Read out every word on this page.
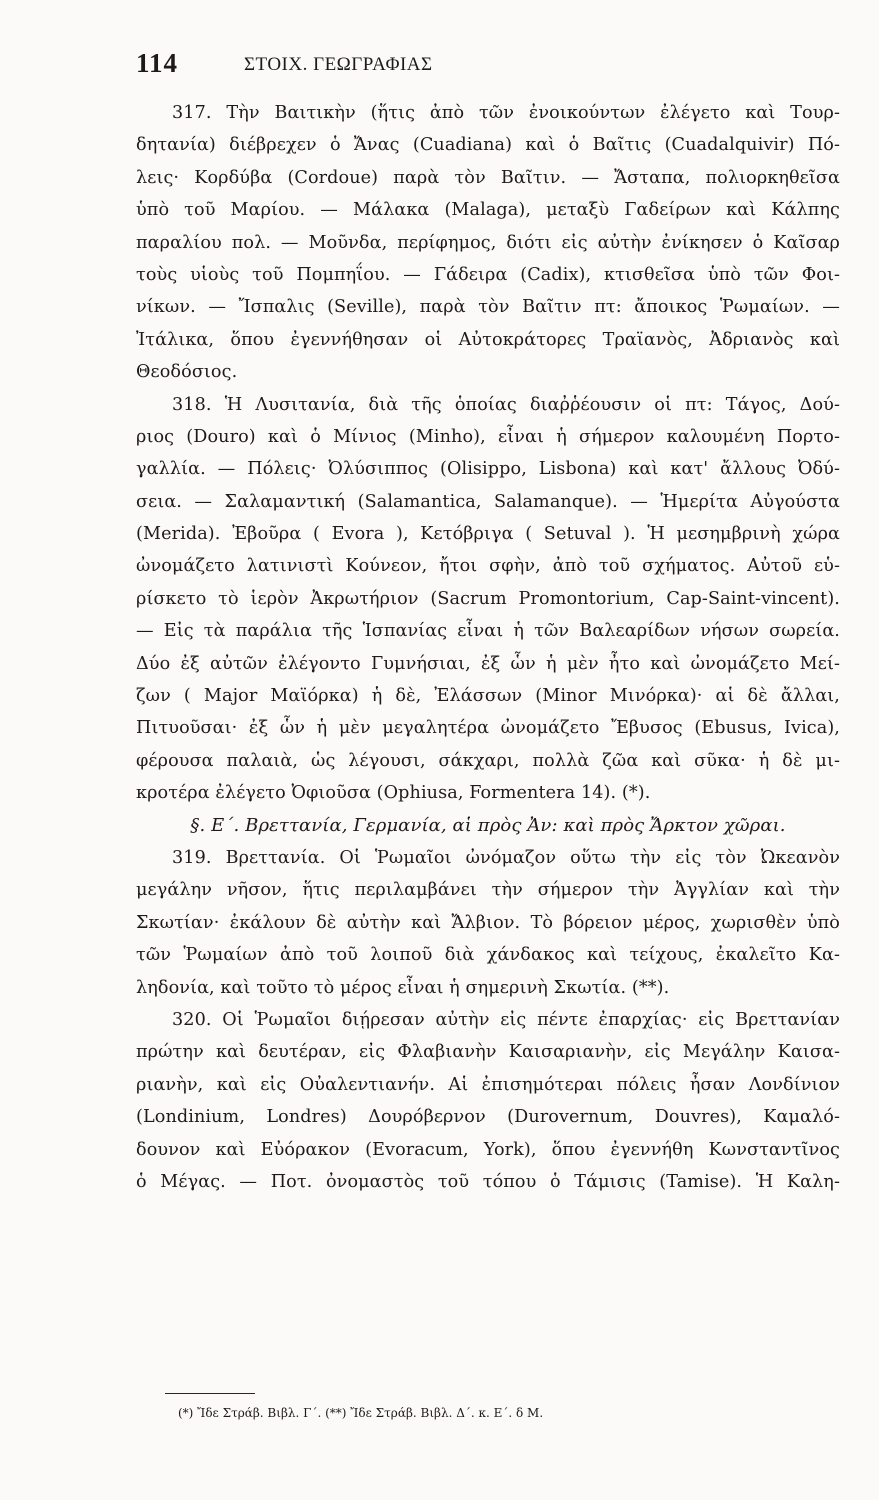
114	ΣΤΟΙΧ. ΓΕΩΓΡΑΦΙΑΣ
317. Τὴν Βαιτικὴν (ἥτις ἀπὸ τῶν ἐνοικούντων ἐλέγετο καὶ Τουρ-
δητανία) διέβρεχεν ὁ Ἄνας (Cuadiana) καὶ ὁ Βαῖτις (Cuadalquivir) Πό-
λεις· Κορδύβα (Cordoue) παρὰ τὸν Βαῖτιν. — Ἄσταπα, πολιορκηθεῖσα
ὑπὸ τοῦ Μαρίου. — Μάλακα (Malaga), μεταξὺ Γαδείρων καὶ Κάλπης
παραλίου πολ. — Μοῦνδα, περίφημος, διότι εἰς αὐτὴν ἐνίκησεν ὁ Καῖσαρ
τοὺς υἱοὺς τοῦ Πομπηΐου. — Γάδειρα (Cadix), κτισθεῖσα ὑπὸ τῶν Φοι-
νίκων. — Ἴσπαλις (Seville), παρὰ τὸν Βαῖτιν πτ: ἄποικος Ῥωμαίων. —
Ἰτάλικα, ὅπου ἐγεννήθησαν οἱ Αὐτοκράτορες Τραϊανὸς, Ἀδριανὸς καὶ
Θεοδόσιος.
318. Ἡ Λυσιτανία, διὰ τῆς ὁποίας διαῤῥέουσιν οἱ πτ: Τάγος, Δού-
ριος (Douro) καὶ ὁ Μίνιος (Minho), εἶναι ἡ σήμερον καλουμένη Πορτο-
γαλλία. — Πόλεις· Ὀλύσιππος (Olisippo, Lisbona) καὶ κατ' ἄλλους Ὀδύ-
σεια. — Σαλαμαντική (Salamantica, Salamanque). — Ἡμερίτα Αὐγούστα
(Merida). Ἐβοῦρα ( Evora ), Κετόβριγα ( Setuval ). Ἡ μεσημβρινὴ χώρα
ὠνομάζετο λατινιστὶ Κούνεον, ἤτοι σφὴν, ἀπὸ τοῦ σχήματος. Αὐτοῦ εὑ-
ρίσκετο τὸ ἱερὸν Ἀκρωτήριον (Sacrum Promontorium, Cap-Saint-vincent).
— Εἰς τὰ παράλια τῆς Ἱσπανίας εἶναι ἡ τῶν Βαλεαρίδων νήσων σωρεία.
Δύο ἐξ αὐτῶν ἐλέγοντο Γυμνήσιαι, ἐξ ὧν ἡ μὲν ἦτο καὶ ὠνομάζετο Μεί-
ζων ( Major Μαϊόρκα) ἡ δὲ, Ἐλάσσων (Minor Μινόρκα)· αἱ δὲ ἄλλαι,
Πιτυοῦσαι· ἐξ ὧν ἡ μὲν μεγαλητέρα ὠνομάζετο Ἔβυσος (Ebusus, Ivica),
φέρουσα παλαιὰ, ὡς λέγουσι, σάκχαρι, πολλὰ ζῶα καὶ σῦκα· ἡ δὲ μι-
κροτέρα ἐλέγετο Ὀφιοῦσα (Ophiusa, Formentera 14). (*).
§. Ε΄. Βρεττανία, Γερμανία, αἱ πρὸς Ἀν: καὶ πρὸς Ἄρκτον χῶραι.
319. Βρεττανία. Οἱ Ῥωμαῖοι ὠνόμαζον οὕτω τὴν εἰς τὸν Ὠκεανὸν
μεγάλην νῆσον, ἥτις περιλαμβάνει τὴν σήμερον τὴν Ἀγγλίαν καὶ τὴν
Σκωτίαν· ἐκάλουν δὲ αὐτὴν καὶ Ἄλβιον. Τὸ βόρειον μέρος, χωρισθὲν ὑπὸ
τῶν Ῥωμαίων ἀπὸ τοῦ λοιποῦ διὰ χάνδακος καὶ τείχους, ἐκαλεῖτο Κα-
ληδονία, καὶ τοῦτο τὸ μέρος εἶναι ἡ σημερινὴ Σκωτία. (**).
320. Οἱ Ῥωμαῖοι διῄρεσαν αὐτὴν εἰς πέντε ἐπαρχίας· εἰς Βρεττανίαν
πρώτην καὶ δευτέραν, εἰς Φλαβιανὴν Καισαριανὴν, εἰς Μεγάλην Καισα-
ριανὴν, καὶ εἰς Οὐαλεντιανήν. Αἱ ἐπισημότεραι πόλεις ἦσαν Λονδίνιον
(Londinium, Londres) Δουρόβερνον (Durovernum, Douvres), Καμαλό-
δουνον καὶ Εὐόρακον (Evoracum, York), ὅπου ἐγεννήθη Κωνσταντῖνος
ὁ Μέγας. — Ποτ. ὀνομαστὸς τοῦ τόπου ὁ Τάμισις (Tamise). Ἡ Καλη-
(*) Ἴδε Στράβ. Βιβλ. Γ΄. (**) Ἴδε Στράβ. Βιβλ. Δ΄. κ. Ε΄. δ Μ.
